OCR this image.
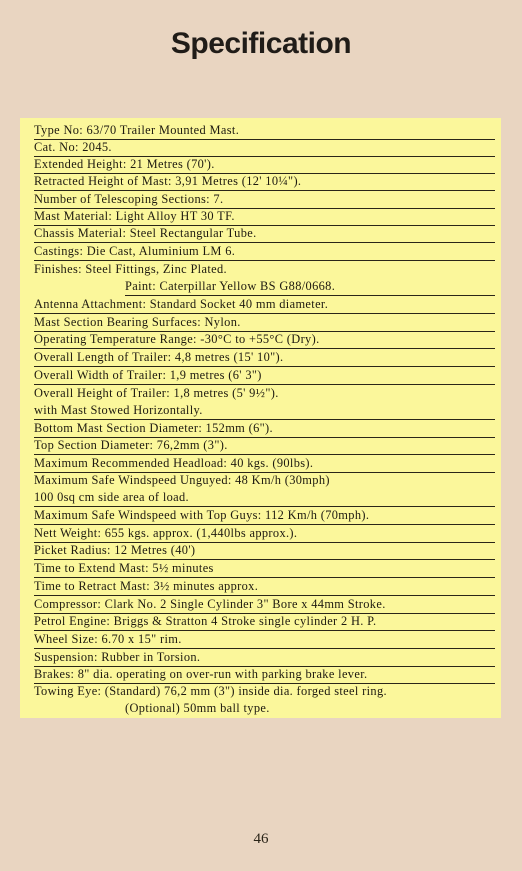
Specification
Type No: 63/70 Trailer Mounted Mast.
Cat. No: 2045.
Extended Height: 21 Metres (70').
Retracted Height of Mast: 3,91 Metres (12' 10¼").
Number of Telescoping Sections: 7.
Mast Material: Light Alloy HT 30 TF.
Chassis Material: Steel Rectangular Tube.
Castings: Die Cast, Aluminium LM 6.
Finishes: Steel Fittings, Zinc Plated.
Paint: Caterpillar Yellow BS G88/0668.
Antenna Attachment: Standard Socket 40 mm diameter.
Mast Section Bearing Surfaces: Nylon.
Operating Temperature Range: -30°C to +55°C (Dry).
Overall Length of Trailer: 4,8 metres (15' 10").
Overall Width of Trailer: 1,9 metres (6' 3")
Overall Height of Trailer: 1,8 metres (5' 9½").
with Mast Stowed Horizontally.
Bottom Mast Section Diameter: 152mm (6").
Top Section Diameter: 76,2mm (3").
Maximum Recommended Headload: 40 kgs. (90lbs).
Maximum Safe Windspeed Unguyed: 48 Km/h (30mph)
100 0sq cm side area of load.
Maximum Safe Windspeed with Top Guys: 112 Km/h (70mph).
Nett Weight: 655 kgs. approx. (1,440lbs approx.).
Picket Radius: 12 Metres (40')
Time to Extend Mast: 5½ minutes
Time to Retract Mast: 3½ minutes approx.
Compressor: Clark No. 2 Single Cylinder 3" Bore x 44mm Stroke.
Petrol Engine: Briggs & Stratton 4 Stroke single cylinder 2 H. P.
Wheel Size: 6.70 x 15" rim.
Suspension: Rubber in Torsion.
Brakes: 8" dia. operating on over-run with parking brake lever.
Towing Eye: (Standard) 76,2 mm (3") inside dia. forged steel ring.
(Optional) 50mm ball type.
46
